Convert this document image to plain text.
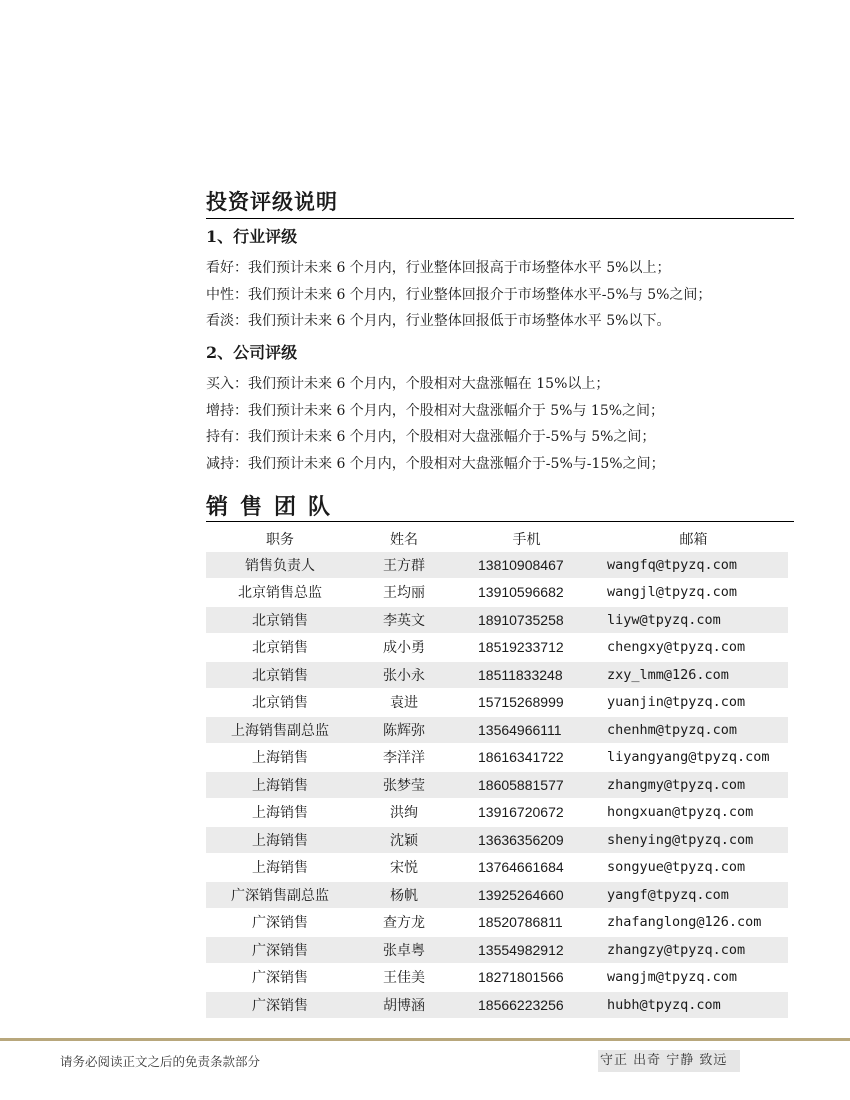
投资评级说明
1、行业评级
看好：我们预计未来 6 个月内，行业整体回报高于市场整体水平 5%以上；
中性：我们预计未来 6 个月内，行业整体回报介于市场整体水平-5%与 5%之间；
看淡：我们预计未来 6 个月内，行业整体回报低于市场整体水平 5%以下。
2、公司评级
买入：我们预计未来 6 个月内，个股相对大盘涨幅在 15%以上；
增持：我们预计未来 6 个月内，个股相对大盘涨幅介于 5%与 15%之间；
持有：我们预计未来 6 个月内，个股相对大盘涨幅介于-5%与 5%之间；
减持：我们预计未来 6 个月内，个股相对大盘涨幅介于-5%与-15%之间；
销售团队
职务	姓名	手机	邮箱
销售负责人	王方群	13810908467	wangfq@tpyzq.com
北京销售总监	王均丽	13910596682	wangjl@tpyzq.com
北京销售	李英文	18910735258	liyw@tpyzq.com
北京销售	成小勇	18519233712	chengxy@tpyzq.com
北京销售	张小永	18511833248	zxy_lmm@126.com
北京销售	袁进	15715268999	yuanjin@tpyzq.com
上海销售副总监	陈辉弥	13564966111	chenhm@tpyzq.com
上海销售	李洋洋	18616341722	liyangyang@tpyzq.com
上海销售	张梦莹	18605881577	zhangmy@tpyzq.com
上海销售	洪绚	13916720672	hongxuan@tpyzq.com
上海销售	沈颖	13636356209	shenying@tpyzq.com
上海销售	宋悦	13764661684	songyue@tpyzq.com
广深销售副总监	杨帆	13925264660	yangf@tpyzq.com
广深销售	查方龙	18520786811	zhafanglong@126.com
广深销售	张卓粤	13554982912	zhangzy@tpyzq.com
广深销售	王佳美	18271801566	wangjm@tpyzq.com
广深销售	胡博涵	18566223256	hubh@tpyzq.com
请务必阅读正文之后的免责条款部分	守正 出奇 宁静 致远
